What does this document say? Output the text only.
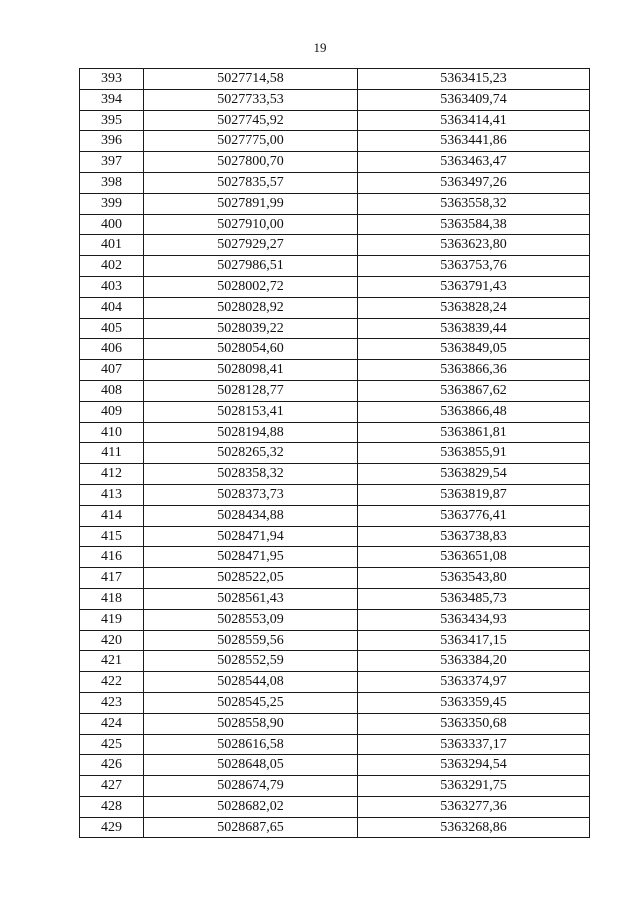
19
393	5027714,58	5363415,23
394	5027733,53	5363409,74
395	5027745,92	5363414,41
396	5027775,00	5363441,86
397	5027800,70	5363463,47
398	5027835,57	5363497,26
399	5027891,99	5363558,32
400	5027910,00	5363584,38
401	5027929,27	5363623,80
402	5027986,51	5363753,76
403	5028002,72	5363791,43
404	5028028,92	5363828,24
405	5028039,22	5363839,44
406	5028054,60	5363849,05
407	5028098,41	5363866,36
408	5028128,77	5363867,62
409	5028153,41	5363866,48
410	5028194,88	5363861,81
411	5028265,32	5363855,91
412	5028358,32	5363829,54
413	5028373,73	5363819,87
414	5028434,88	5363776,41
415	5028471,94	5363738,83
416	5028471,95	5363651,08
417	5028522,05	5363543,80
418	5028561,43	5363485,73
419	5028553,09	5363434,93
420	5028559,56	5363417,15
421	5028552,59	5363384,20
422	5028544,08	5363374,97
423	5028545,25	5363359,45
424	5028558,90	5363350,68
425	5028616,58	5363337,17
426	5028648,05	5363294,54
427	5028674,79	5363291,75
428	5028682,02	5363277,36
429	5028687,65	5363268,86
